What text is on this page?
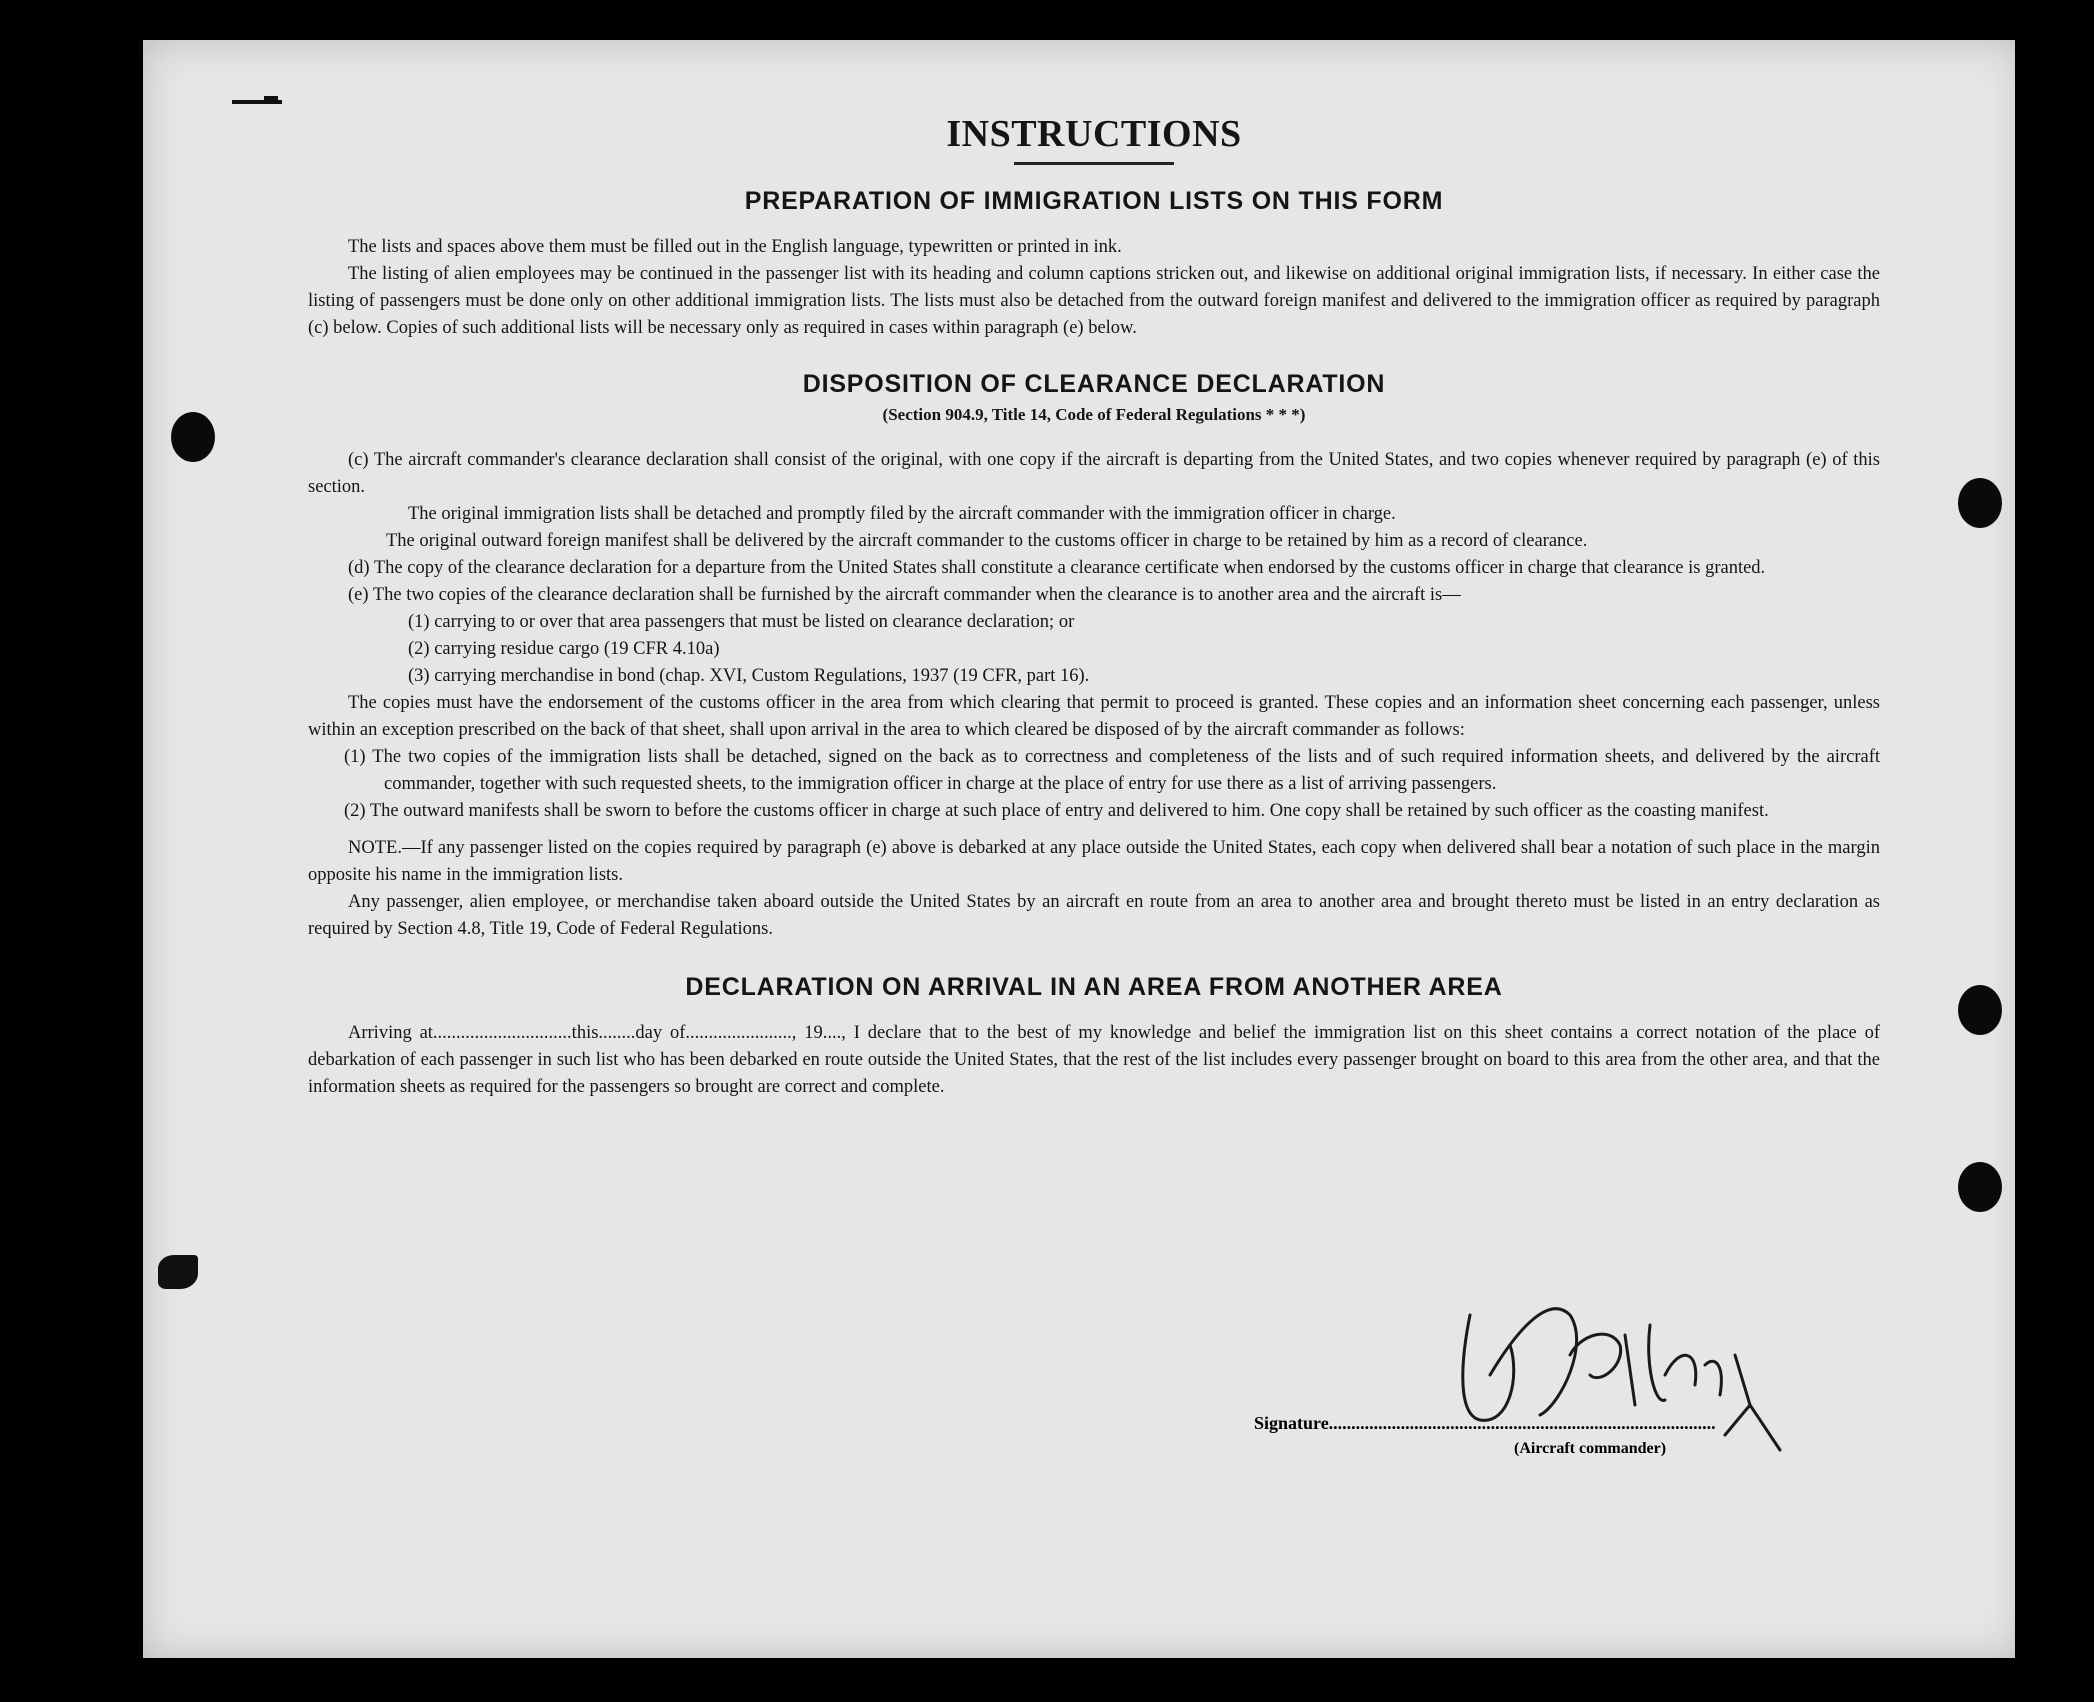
INSTRUCTIONS
PREPARATION OF IMMIGRATION LISTS ON THIS FORM

The lists and spaces above them must be filled out in the English language, typewritten or printed in ink.

The listing of alien employees may be continued in the passenger list with its heading and column captions stricken out, and likewise on additional original immigration lists, if necessary. In either case the listing of passengers must be done only on other additional immigration lists. The lists must also be detached from the outward foreign manifest and delivered to the immigration officer as required by paragraph (c) below. Copies of such additional lists will be necessary only as required in cases within paragraph (e) below.

DISPOSITION OF CLEARANCE DECLARATION
(Section 904.9, Title 14, Code of Federal Regulations * * *)

(c) The aircraft commander's clearance declaration shall consist of the original, with one copy if the aircraft is departing from the United States, and two copies whenever required by paragraph (e) of this section.

The original immigration lists shall be detached and promptly filed by the aircraft commander with the immigration officer in charge.

The original outward foreign manifest shall be delivered by the aircraft commander to the customs officer in charge to be retained by him as a record of clearance.

(d) The copy of the clearance declaration for a departure from the United States shall constitute a clearance certificate when endorsed by the customs officer in charge that clearance is granted.

(e) The two copies of the clearance declaration shall be furnished by the aircraft commander when the clearance is to another area and the aircraft is—

(1) carrying to or over that area passengers that must be listed on clearance declaration; or

(2) carrying residue cargo (19 CFR 4.10a)

(3) carrying merchandise in bond (chap. XVI, Custom Regulations, 1937 (19 CFR, part 16).

The copies must have the endorsement of the customs officer in the area from which clearing that permit to proceed is granted. These copies and an information sheet concerning each passenger, unless within an exception prescribed on the back of that sheet, shall upon arrival in the area to which cleared be disposed of by the aircraft commander as follows:

(1) The two copies of the immigration lists shall be detached, signed on the back as to correctness and completeness of the lists and of such required information sheets, and delivered by the aircraft commander, together with such requested sheets, to the immigration officer in charge at the place of entry for use there as a list of arriving passengers.

(2) The outward manifests shall be sworn to before the customs officer in charge at such place of entry and delivered to him. One copy shall be retained by such officer as the coasting manifest.

NOTE.—If any passenger listed on the copies required by paragraph (e) above is debarked at any place outside the United States, each copy when delivered shall bear a notation of such place in the margin opposite his name in the immigration lists.

Any passenger, alien employee, or merchandise taken aboard outside the United States by an aircraft en route from an area to another area and brought thereto must be listed in an entry declaration as required by Section 4.8, Title 19, Code of Federal Regulations.

DECLARATION ON ARRIVAL IN AN AREA FROM ANOTHER AREA

Arriving at..............................this........day of......................., 19...., I declare that to the best of my knowledge and belief the immigration list on this sheet contains a correct notation of the place of debarkation of each passenger in such list who has been debarked en route outside the United States, that the rest of the list includes every passenger brought on board to this area from the other area, and that the information sheets as required for the passengers so brought are correct and complete.

Signature......................................................................................
(Aircraft commander)
